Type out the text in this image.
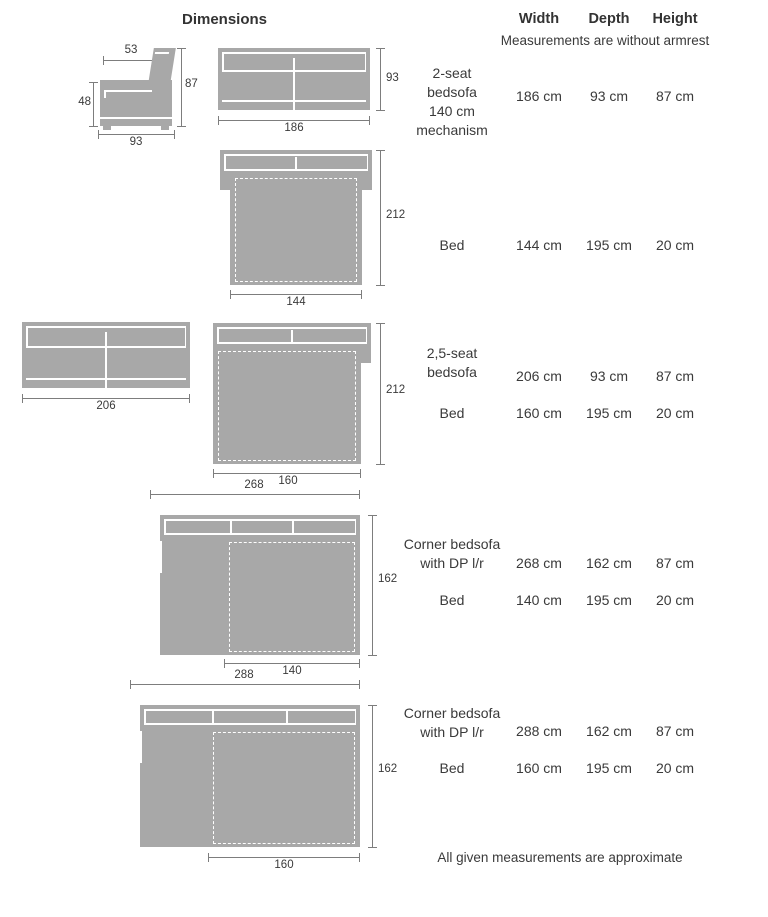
Dimensions	Width	Depth	Height
Measurements are without armrest
53
87
48
93
186
93
212
144
206
212
160
268
162
140
288
162
160
2-seat
bedsofa
140 cm
mechanism
186 cm	93 cm	87 cm
Bed	144 cm	195 cm	20 cm
2,5-seat
bedsofa	206 cm	93 cm	87 cm
Bed	160 cm	195 cm	20 cm
Corner bedsofa
with DP l/r	268 cm	162 cm	87 cm
Bed	140 cm	195 cm	20 cm
Corner bedsofa
with DP l/r	288 cm	162 cm	87 cm
Bed	160 cm	195 cm	20 cm
All given measurements are approximate
